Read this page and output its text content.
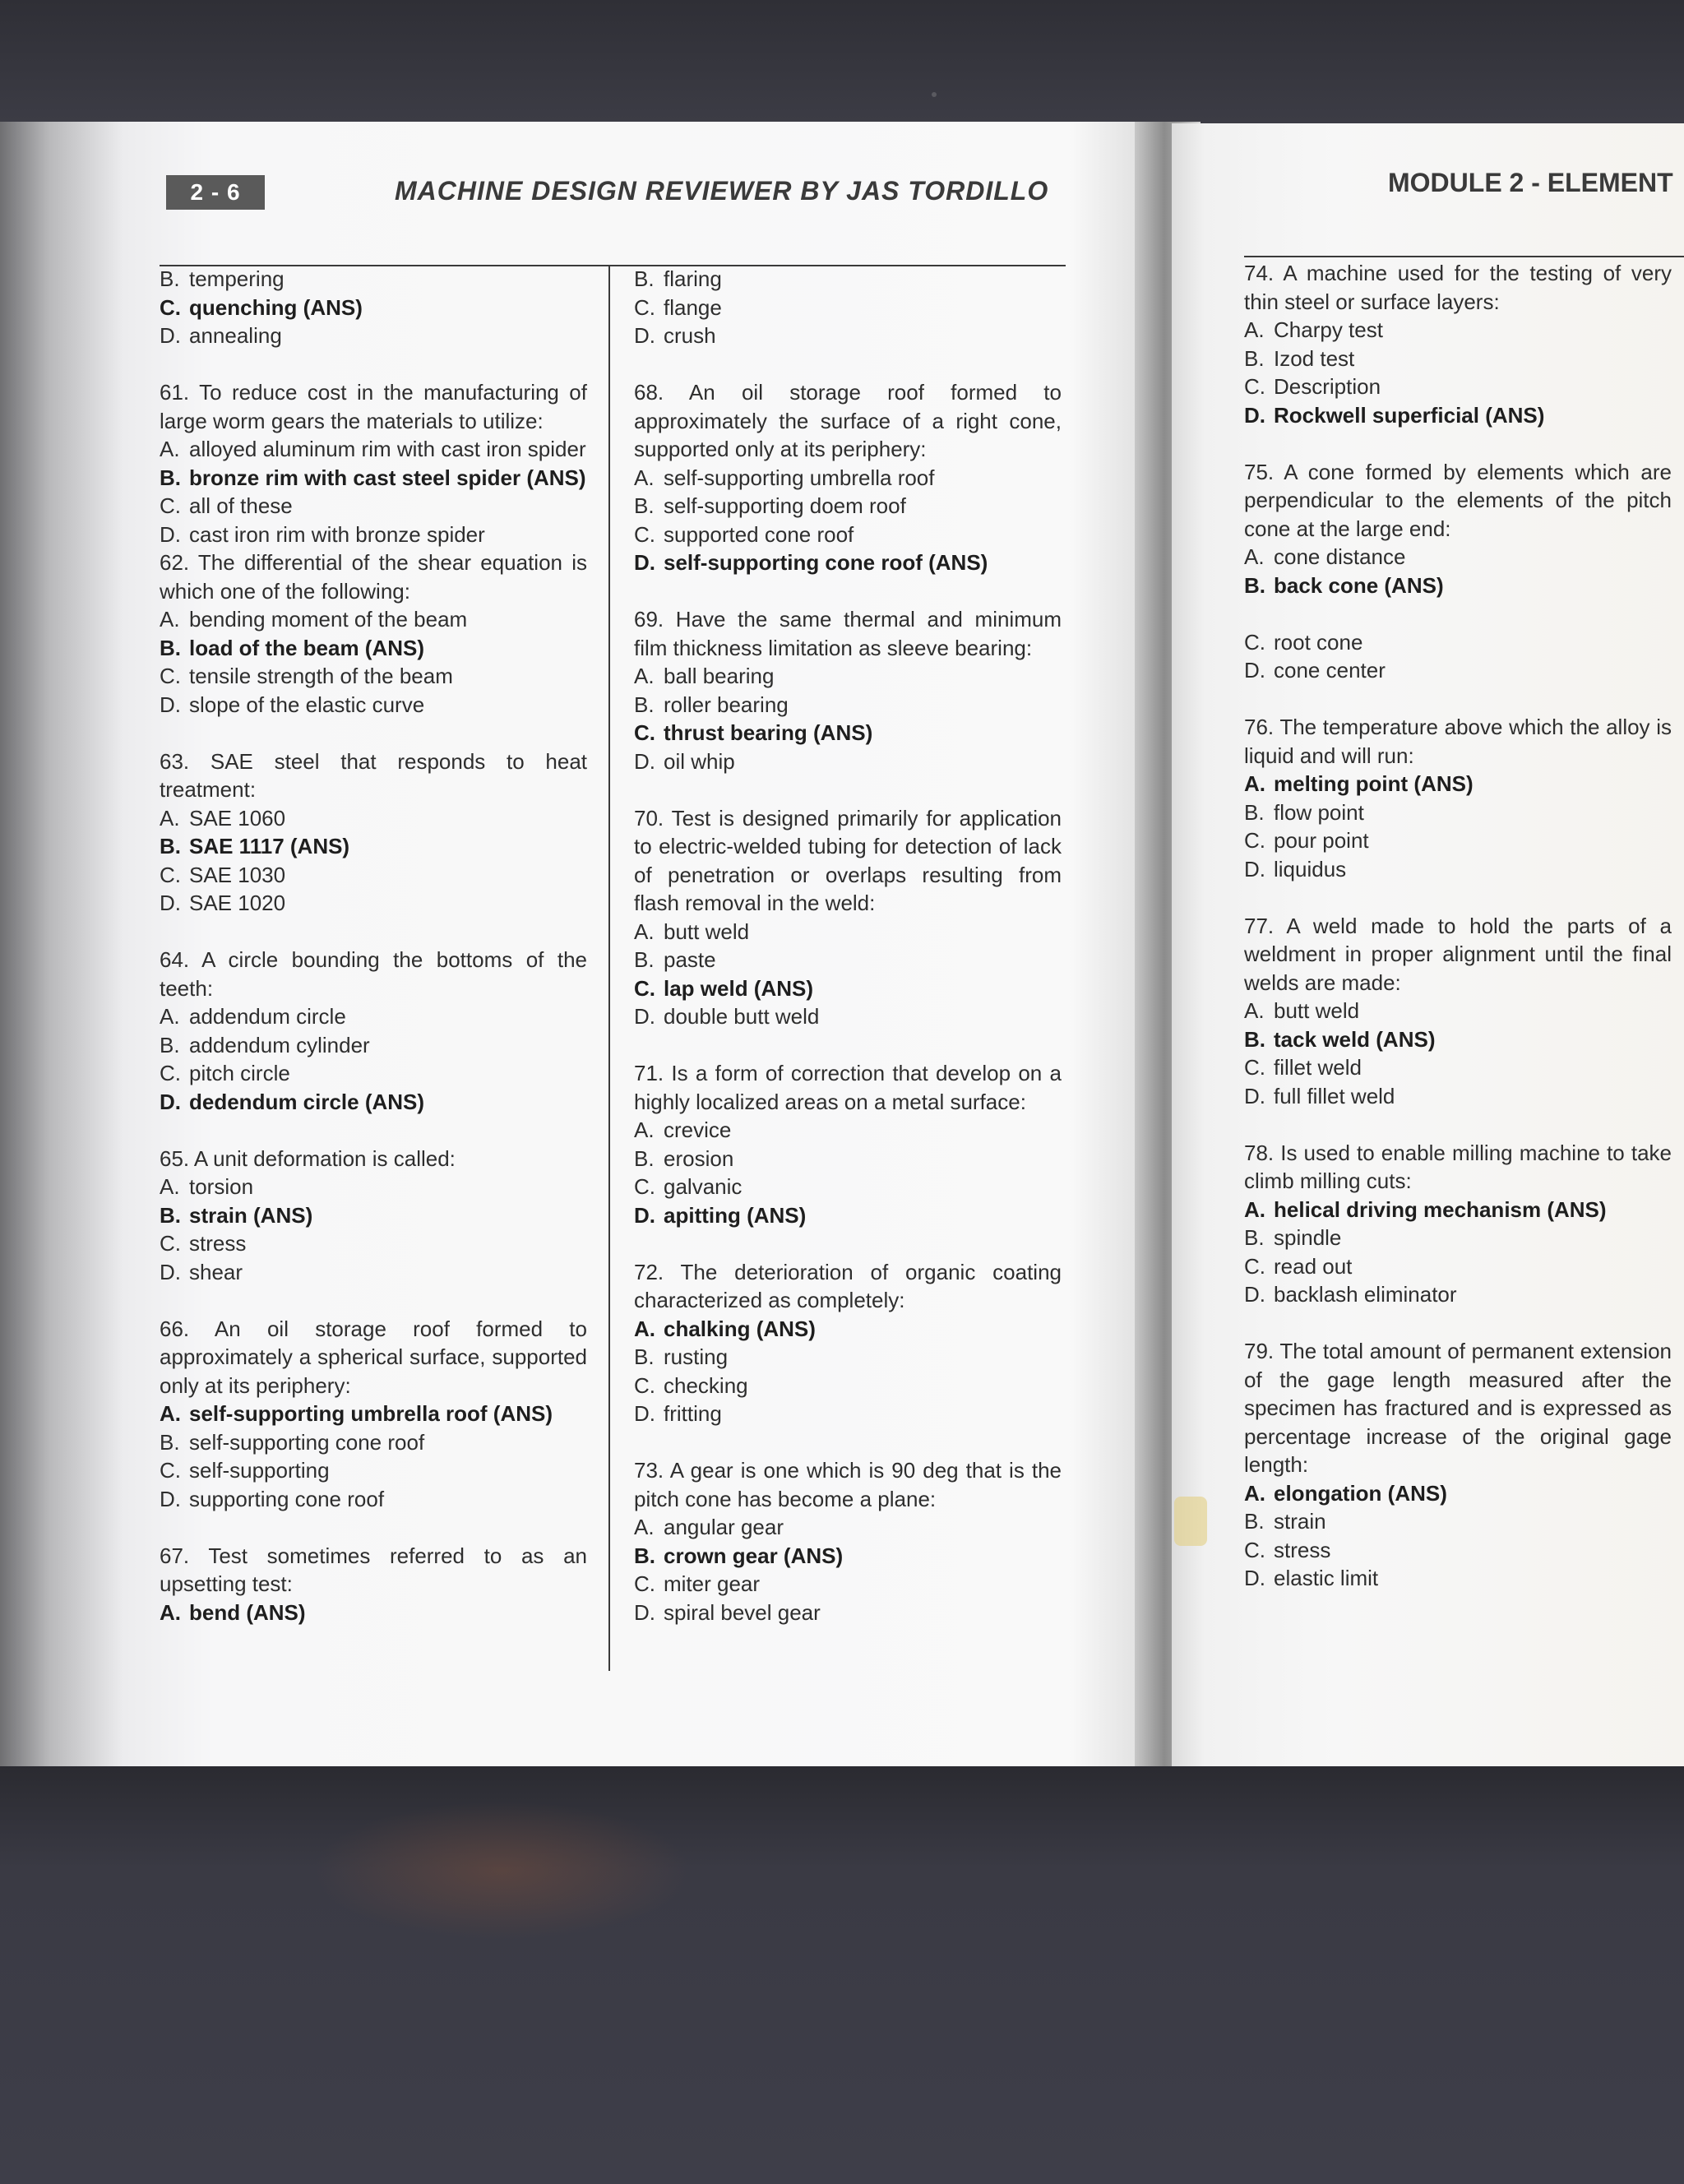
2 - 6	MACHINE DESIGN REVIEWER BY JAS TORDILLO	MODULE 2 - ELEMENT
B. tempering
C. quenching (ANS)
D. annealing
61. To reduce cost in the manufacturing of large worm gears the materials to utilize:
A. alloyed aluminum rim with cast iron spider
B. bronze rim with cast steel spider (ANS)
C. all of these
D. cast iron rim with bronze spider
62. The differential of the shear equation is which one of the following:
A. bending moment of the beam
B. load of the beam (ANS)
C. tensile strength of the beam
D. slope of the elastic curve
63. SAE steel that responds to heat treatment:
A. SAE 1060
B. SAE 1117 (ANS)
C. SAE 1030
D. SAE 1020
64. A circle bounding the bottoms of the teeth:
A. addendum circle
B. addendum cylinder
C. pitch circle
D. dedendum circle (ANS)
65. A unit deformation is called:
A. torsion
B. strain (ANS)
C. stress
D. shear
66. An oil storage roof formed to approximately a spherical surface, supported only at its periphery:
A. self-supporting umbrella roof (ANS)
B. self-supporting cone roof
C. self-supporting
D. supporting cone roof
67. Test sometimes referred to as an upsetting test:
A. bend (ANS)
B. flaring
C. flange
D. crush
68. An oil storage roof formed to approximately the surface of a right cone, supported only at its periphery:
A. self-supporting umbrella roof
B. self-supporting doem roof
C. supported cone roof
D. self-supporting cone roof (ANS)
69. Have the same thermal and minimum film thickness limitation as sleeve bearing:
A. ball bearing
B. roller bearing
C. thrust bearing (ANS)
D. oil whip
70. Test is designed primarily for application to electric-welded tubing for detection of lack of penetration or overlaps resulting from flash removal in the weld:
A. butt weld
B. paste
C. lap weld (ANS)
D. double butt weld
71. Is a form of correction that develop on a highly localized areas on a metal surface:
A. crevice
B. erosion
C. galvanic
D. apitting (ANS)
72. The deterioration of organic coating characterized as completely:
A. chalking (ANS)
B. rusting
C. checking
D. fritting
73. A gear is one which is 90 deg that is the pitch cone has become a plane:
A. angular gear
B. crown gear (ANS)
C. miter gear
D. spiral bevel gear
74. A machine used for the testing of very thin steel or surface layers:
A. Charpy test
B. Izod test
C. Description
D. Rockwell superficial (ANS)
75. A cone formed by elements which are perpendicular to the elements of the pitch cone at the large end:
A. cone distance
B. back cone (ANS)
C. root cone
D. cone center
76. The temperature above which the alloy is liquid and will run:
A. melting point (ANS)
B. flow point
C. pour point
D. liquidus
77. A weld made to hold the parts of a weldment in proper alignment until the final welds are made:
A. butt weld
B. tack weld (ANS)
C. fillet weld
D. full fillet weld
78. Is used to enable milling machine to take climb milling cuts:
A. helical driving mechanism (ANS)
B. spindle
C. read out
D. backlash eliminator
79. The total amount of permanent extension of the gage length measured after the specimen has fractured and is expressed as percentage increase of the original gage length:
A. elongation (ANS)
B. strain
C. stress
D. elastic limit
